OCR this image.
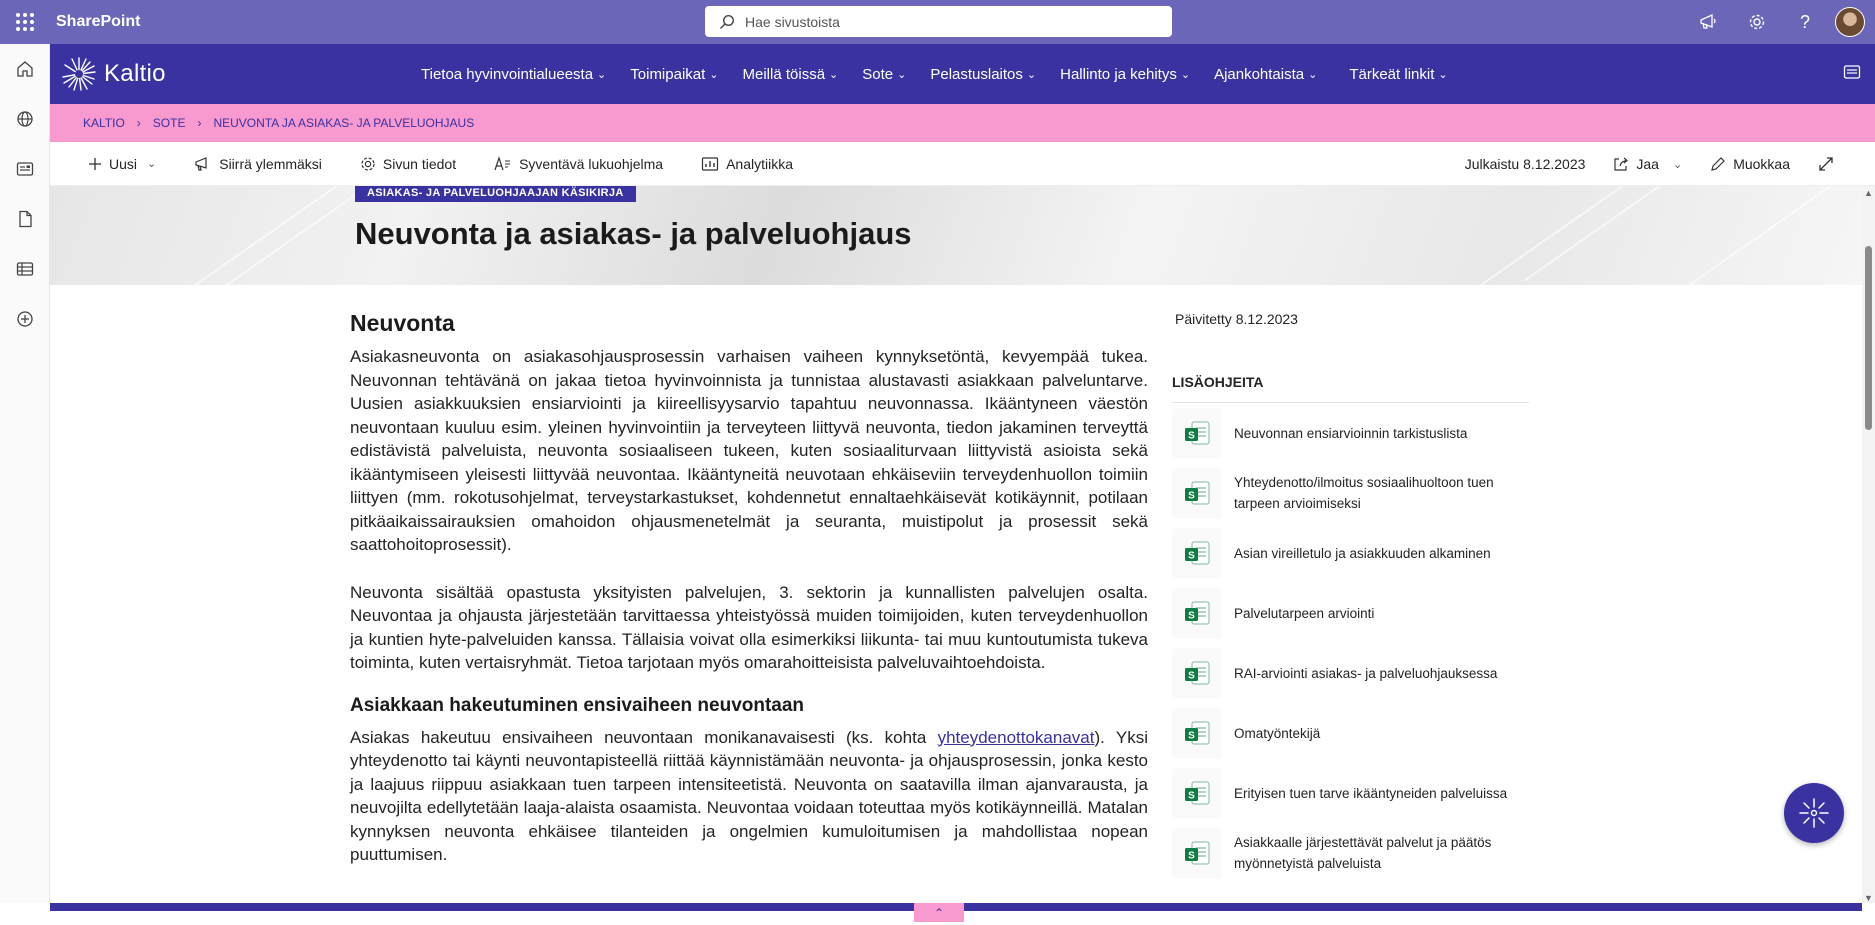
SharePoint	Hae sivustoista	?
Kaltio	Tietoa hyvinvointialueesta ⌄ Toimipaikat ⌄ Meillä töissä ⌄ Sote ⌄ Pelastuslaitos ⌄ Hallinto ja kehitys ⌄ Ajankohtaista ⌄ Tärkeät linkit ⌄
KALTIO › SOTE › NEUVONTA JA ASIAKAS- JA PALVELUOHJAUS
Uusi ⌄	Siirrä ylemmäksi	Sivun tiedot	Syventävä lukuohjelma	Analytiikka	Julkaistu 8.12.2023	Jaa ⌄	Muokkaa
ASIAKAS- JA PALVELUOHJAAJAN KÄSIKIRJA
Neuvonta ja asiakas- ja palveluohjaus
Neuvonta

Asiakasneuvonta on asiakasohjausprosessin varhaisen vaiheen kynnyksetöntä, kevyempää tukea. Neuvonnan tehtävänä on jakaa tietoa hyvinvoinnista ja tunnistaa alustavasti asiakkaan palveluntarve. Uusien asiakkuuksien ensiarviointi ja kiireellisyysarvio tapahtuu neuvonnassa. Ikääntyneen väestön neuvontaan kuuluu esim. yleinen hyvinvointiin ja terveyteen liittyvä neuvonta, tiedon jakaminen terveyttä edistävistä palveluista, neuvonta sosiaaliseen tukeen, kuten sosiaaliturvaan liittyvistä asioista sekä ikääntymiseen yleisesti liittyvää neuvontaa. Ikääntyneitä neuvotaan ehkäiseviin terveydenhuollon toimiin liittyen (mm. rokotusohjelmat, terveystarkastukset, kohdennetut ennaltaehkäisevät kotikäynnit, potilaan pitkäaikaissairauksien omahoidon ohjausmenetelmät ja seuranta, muistipolut ja prosessit sekä saattohoitoprosessit).

Neuvonta sisältää opastusta yksityisten palvelujen, 3. sektorin ja kunnallisten palvelujen osalta. Neuvontaa ja ohjausta järjestetään tarvittaessa yhteistyössä muiden toimijoiden, kuten terveydenhuollon ja kuntien hyte-palveluiden kanssa. Tällaisia voivat olla esimerkiksi liikunta- tai muu kuntoutumista tukeva toiminta, kuten vertaisryhmät. Tietoa tarjotaan myös omarahoitteisista palveluvaihtoehdoista.

Asiakkaan hakeutuminen ensivaiheen neuvontaan

Asiakas hakeutuu ensivaiheen neuvontaan monikanavaisesti (ks. kohta yhteydenottokanavat). Yksi yhteydenotto tai käynti neuvontapisteellä riittää käynnistämään neuvonta- ja ohjausprosessin, jonka kesto ja laajuus riippuu asiakkaan tuen tarpeen intensiteetistä. Neuvonta on saatavilla ilman ajanvarausta, ja neuvojilta edellytetään laaja-alaista osaamista. Neuvontaa voidaan toteuttaa myös kotikäynneillä. Matalan kynnyksen neuvonta ehkäisee tilanteiden ja ongelmien kumuloitumisen ja mahdollistaa nopean puuttumisen.

Päivitetty 8.12.2023
LISÄOHJEITA
S	Neuvonnan ensiarvioinnin tarkistuslista
S
Yhteydenotto/ilmoitus sosiaalihuoltoon tuen tarpeen arvioimiseksi
S	Asian vireilletulo ja asiakkuuden alkaminen
S	Palvelutarpeen arviointi
S	RAI-arviointi asiakas- ja palveluohjauksessa
S	Omatyöntekijä
S	Erityisen tuen tarve ikääntyneiden palveluissa
S
Asiakkaalle järjestettävät palvelut ja päätös myönnetyistä palveluista
▲
▼
⌃
